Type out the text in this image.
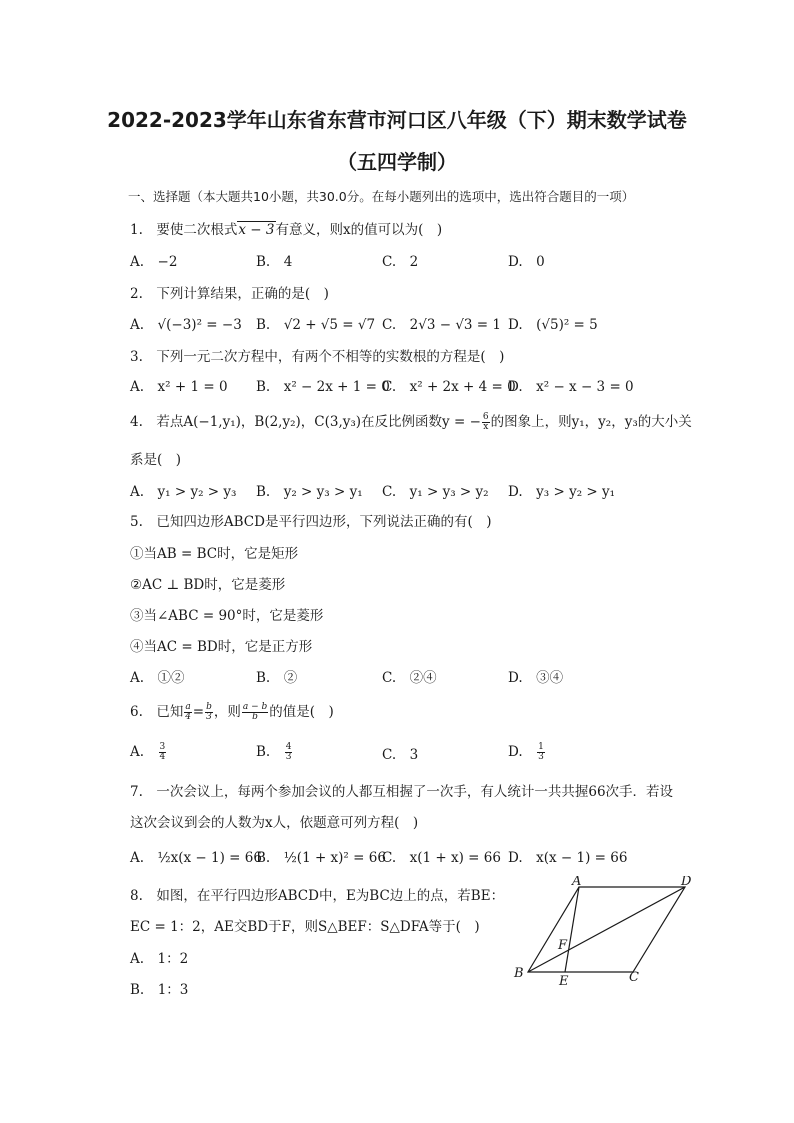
2022-2023学年山东省东营市河口区八年级（下）期末数学试卷
（五四学制）
一、选择题（本大题共10小题，共30.0分。在每小题列出的选项中，选出符合题目的一项）
1.　要使二次根式x − 3有意义，则x的值可以为(　)
A.　−2	B.　4	C.　2	D.　0
2.　下列计算结果，正确的是(　)
A.　√(−3)² = −3 B.　√2 + √5 = √7 C.　2√3 − √3 = 1 D.　(√5)² = 5
3.　下列一元二次方程中，有两个不相等的实数根的方程是(　)
A.　x² + 1 = 0 B.　x² − 2x + 1 = 0
C.　x² + 2x + 4 = 0
D.　x² − x − 3 = 0
4.　若点A(−1,y₁)，B(2,y₂)，C(3,y₃)在反比例函数y = − $\frac{6}{x}$ 的图象上，则y₁，y₂，y₃的大小关
系是(　)
A.　y₁ > y₂ > y₃ B.　y₂ > y₃ > y₁ C.　y₁ > y₃ > y₂ D.　y₃ > y₂ > y₁
5.　已知四边形ABCD是平行四边形，下列说法正确的有(　)
①当AB = BC时，它是矩形
②AC ⊥ BD时，它是菱形
③当∠ABC = 90°时，它是菱形
④当AC = BD时，它是正方形
A.　①②	B.　②	C.　②④	D.　③④
6.　已知 $\frac{a}{4} = \frac{b}{3}$ ，则 $\frac{a - b}{b}$ 的值是(　)
A.　 $\frac{3}{4}$	B.　 $\frac{4}{3}$	C.　 3	D.　 $\frac{1}{3}$
7.　一次会议上，每两个参加会议的人都互相握了一次手，有人统计一共共握66次手．若设
这次会议到会的人数为x人，依题意可列方程(　)
A.　½x(x − 1) = 66
B.　½(1 + x)² = 66
C.　x(1 + x) = 66 D.　x(x − 1) = 66
8.　如图，在平行四边形ABCD中，E为BC边上的点，若BE：
EC = 1：2，AE交BD于F，则S△BEF：S△DFA等于(　)
A.　1：2
B.　1：3
A	D
B	C
E
F
